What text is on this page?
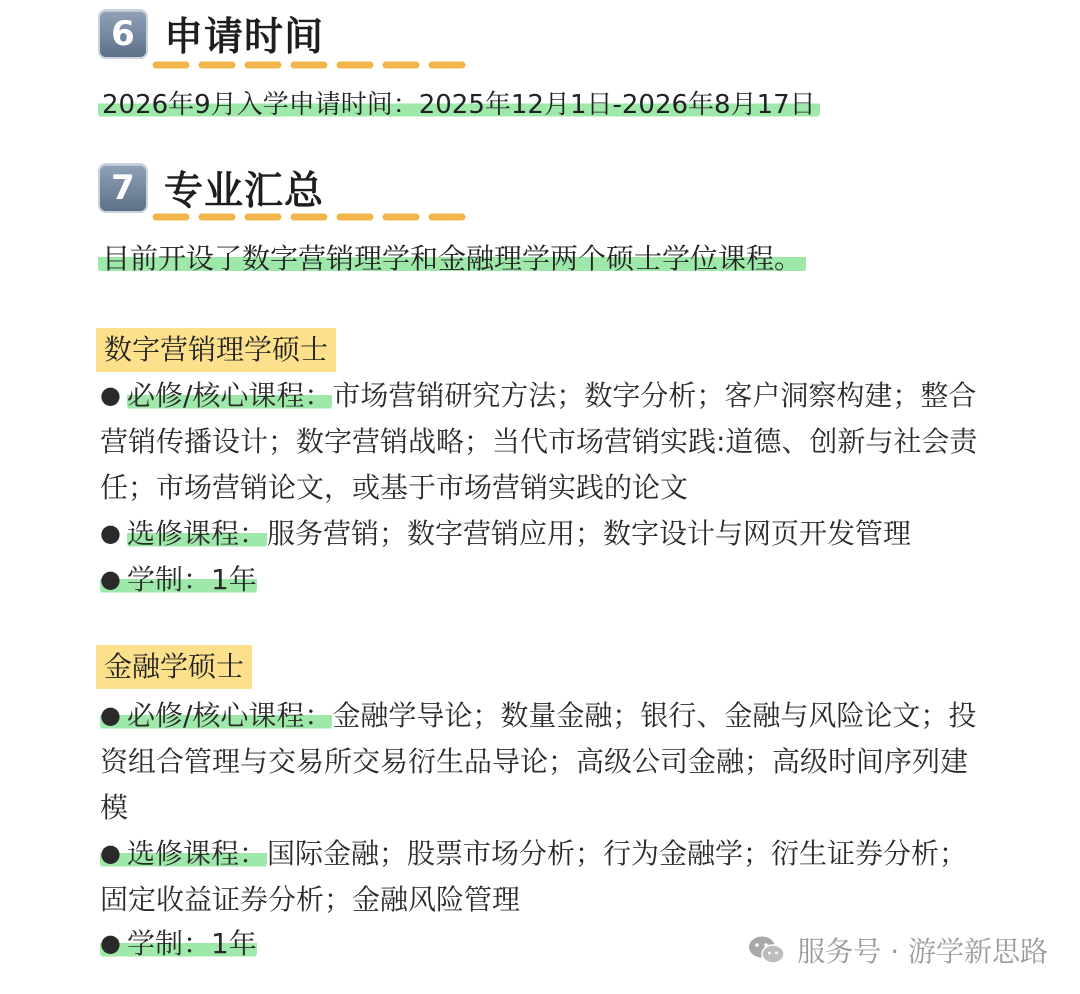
6 申请时间
2026年9月入学申请时间：2025年12月1日-2026年8月17日
7 专业汇总
目前开设了数字营销理学和金融理学两个硕士学位课程。
数字营销理学硕士
● 必修/核心课程：市场营销研究方法；数字分析；客户洞察构建；整合营销传播设计；数字营销战略；当代市场营销实践:道德、创新与社会责任；市场营销论文，或基于市场营销实践的论文
● 选修课程：服务营销；数字营销应用；数字设计与网页开发管理
● 学制：1年
金融学硕士
● 必修/核心课程：金融学导论；数量金融；银行、金融与风险论文；投资组合管理与交易所交易衍生品导论；高级公司金融；高级时间序列建模
● 选修课程：国际金融；股票市场分析；行为金融学；衍生证券分析；固定收益证券分析；金融风险管理
● 学制：1年	服务号 · 游学新思路
